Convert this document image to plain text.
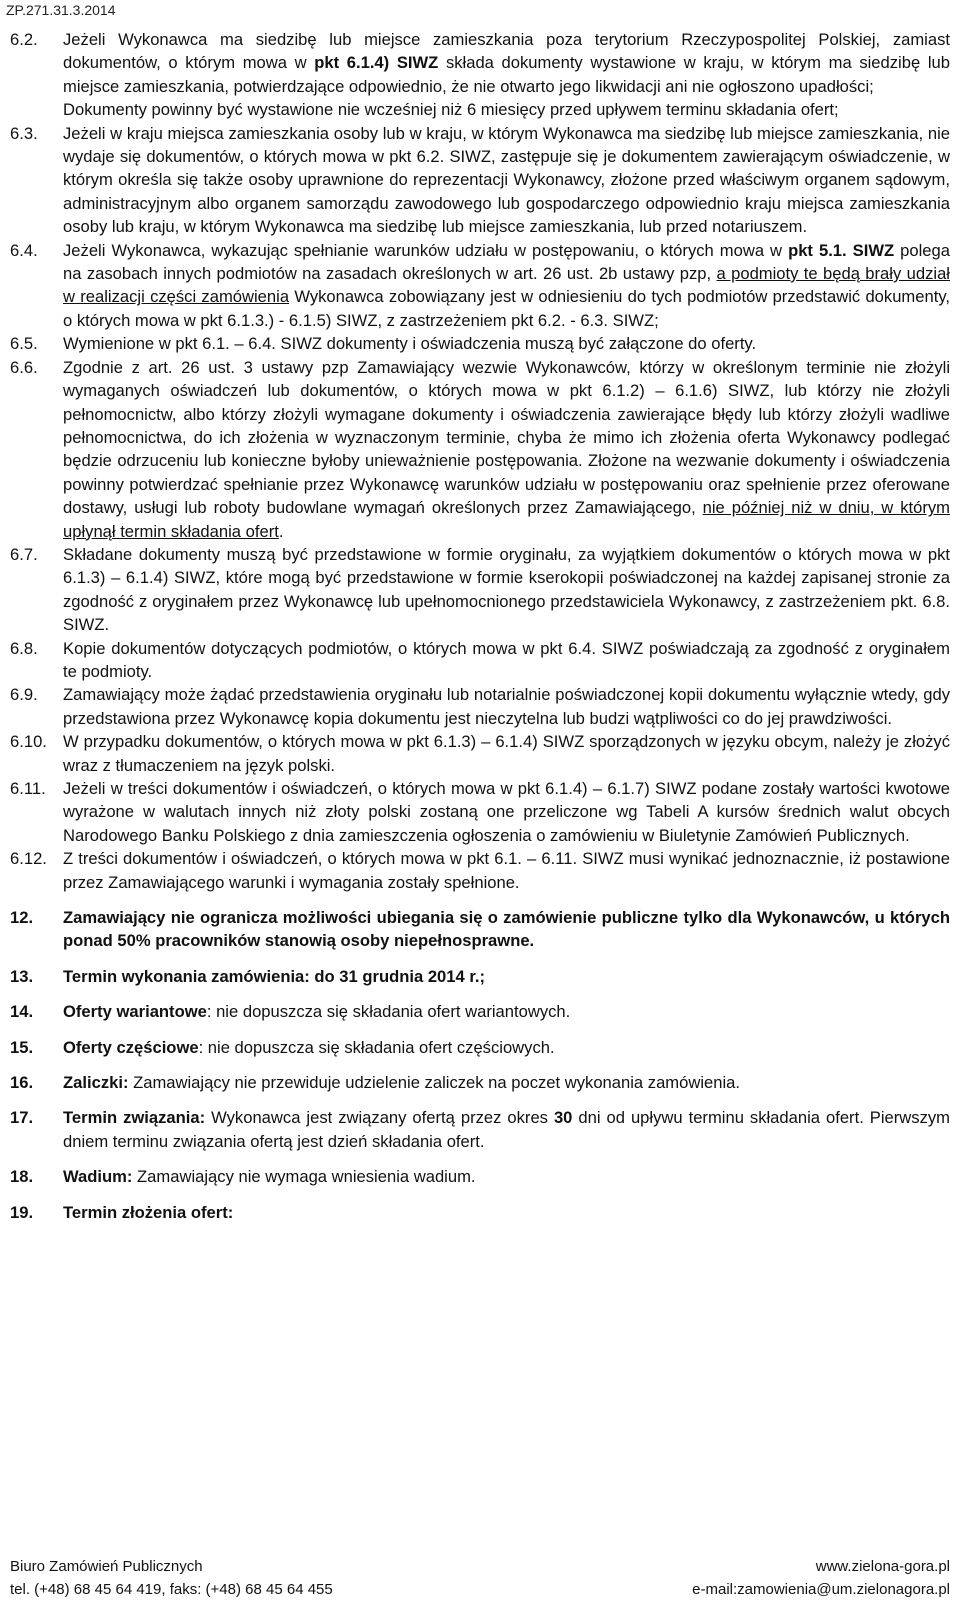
ZP.271.31.3.2014
6.2.	Jeżeli Wykonawca ma siedzibę lub miejsce zamieszkania poza terytorium Rzeczypospolitej Polskiej, zamiast dokumentów, o którym mowa w pkt 6.1.4) SIWZ składa dokumenty wystawione w kraju, w którym ma siedzibę lub miejsce zamieszkania, potwierdzające odpowiednio, że nie otwarto jego likwidacji ani nie ogłoszono upadłości;

Dokumenty powinny być wystawione nie wcześniej niż 6 miesięcy przed upływem terminu składania ofert;

6.3.	Jeżeli w kraju miejsca zamieszkania osoby lub w kraju, w którym Wykonawca ma siedzibę lub miejsce zamieszkania, nie wydaje się dokumentów, o których mowa w pkt 6.2. SIWZ, zastępuje się je dokumentem zawierającym oświadczenie, w którym określa się także osoby uprawnione do reprezentacji Wykonawcy, złożone przed właściwym organem sądowym, administracyjnym albo organem samorządu zawodowego lub gospodarczego odpowiednio kraju miejsca zamieszkania osoby lub kraju, w którym Wykonawca ma siedzibę lub miejsce zamieszkania, lub przed notariuszem.
6.4.	Jeżeli Wykonawca, wykazując spełnianie warunków udziału w postępowaniu, o których mowa w pkt 5.1. SIWZ polega na zasobach innych podmiotów na zasadach określonych w art. 26 ust. 2b ustawy pzp, a podmioty te będą brały udział w realizacji części zamówienia Wykonawca zobowiązany jest w odniesieniu do tych podmiotów przedstawić dokumenty, o których mowa w pkt 6.1.3.) - 6.1.5) SIWZ, z zastrzeżeniem pkt 6.2. - 6.3. SIWZ;
6.5.	Wymienione w pkt 6.1. – 6.4. SIWZ dokumenty i oświadczenia muszą być załączone do oferty.
6.6.	Zgodnie z art. 26 ust. 3 ustawy pzp Zamawiający wezwie Wykonawców, którzy w określonym terminie nie złożyli wymaganych oświadczeń lub dokumentów, o których mowa w pkt 6.1.2) – 6.1.6) SIWZ, lub którzy nie złożyli pełnomocnictw, albo którzy złożyli wymagane dokumenty i oświadczenia zawierające błędy lub którzy złożyli wadliwe pełnomocnictwa, do ich złożenia w wyznaczonym terminie, chyba że mimo ich złożenia oferta Wykonawcy podlegać będzie odrzuceniu lub konieczne byłoby unieważnienie postępowania. Złożone na wezwanie dokumenty i oświadczenia powinny potwierdzać spełnianie przez Wykonawcę warunków udziału w postępowaniu oraz spełnienie przez oferowane dostawy, usługi lub roboty budowlane wymagań określonych przez Zamawiającego, nie później niż w dniu, w którym upłynął termin składania ofert.
6.7.	Składane dokumenty muszą być przedstawione w formie oryginału, za wyjątkiem dokumentów o których mowa w pkt 6.1.3) – 6.1.4) SIWZ, które mogą być przedstawione w formie kserokopii poświadczonej na każdej zapisanej stronie za zgodność z oryginałem przez Wykonawcę lub upełnomocnionego przedstawiciela Wykonawcy, z zastrzeżeniem pkt. 6.8. SIWZ.
6.8.	Kopie dokumentów dotyczących podmiotów, o których mowa w pkt 6.4. SIWZ poświadczają za zgodność z oryginałem te podmioty.
6.9.	Zamawiający może żądać przedstawienia oryginału lub notarialnie poświadczonej kopii dokumentu wyłącznie wtedy, gdy przedstawiona przez Wykonawcę kopia dokumentu jest nieczytelna lub budzi wątpliwości co do jej prawdziwości.
6.10. W przypadku dokumentów, o których mowa w pkt 6.1.3) – 6.1.4) SIWZ sporządzonych w języku obcym, należy je złożyć wraz z tłumaczeniem na język polski.
6.11.	Jeżeli w treści dokumentów i oświadczeń, o których mowa w pkt 6.1.4) – 6.1.7) SIWZ podane zostały wartości kwotowe wyrażone w walutach innych niż złoty polski zostaną one przeliczone wg Tabeli A kursów średnich walut obcych Narodowego Banku Polskiego z dnia zamieszczenia ogłoszenia o zamówieniu w Biuletynie Zamówień Publicznych.
6.12. Z treści dokumentów i oświadczeń, o których mowa w pkt 6.1. – 6.11. SIWZ musi wynikać jednoznacznie, iż postawione przez Zamawiającego warunki i wymagania zostały spełnione.
12.	Zamawiający nie ogranicza możliwości ubiegania się o zamówienie publiczne tylko dla Wykonawców, u których ponad 50% pracowników stanowią osoby niepełnosprawne.
13.	Termin wykonania zamówienia: do 31 grudnia 2014 r.;
14.	Oferty wariantowe: nie dopuszcza się składania ofert wariantowych.
15.	Oferty częściowe: nie dopuszcza się składania ofert częściowych.
16.	Zaliczki: Zamawiający nie przewiduje udzielenie zaliczek na poczet wykonania zamówienia.
17.	Termin związania: Wykonawca jest związany ofertą przez okres 30 dni od upływu terminu składania ofert. Pierwszym dniem terminu związania ofertą jest dzień składania ofert.
18.	Wadium: Zamawiający nie wymaga wniesienia wadium.
19.	Termin złożenia ofert:
Biuro Zamówień Publicznych	www.zielona-gora.pl
tel. (+48) 68 45 64 419, faks: (+48) 68 45 64 455	e-mail:zamowienia@um.zielonagora.pl
